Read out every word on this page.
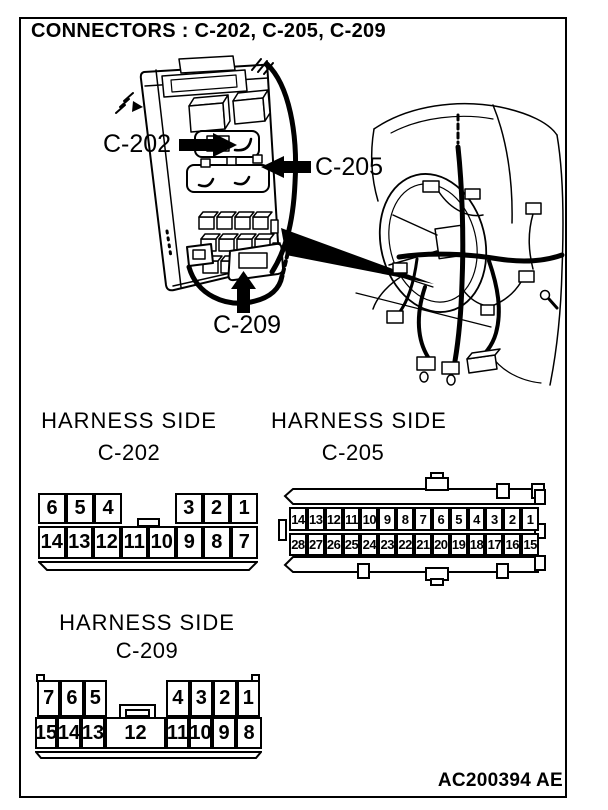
CONNECTORS : C-202, C-205, C-209
C-202
C-205
C-209
HARNESS SIDE
C-202
6 5 4	3 2 1
14 13 12 11 10 9 8 7
HARNESS SIDE
C-205
14 13 12 11 10 9 8 7 6 5 4 3 2 1
28 27 26 25 24 23 22 21 20 19 18 17 16 15
HARNESS SIDE
C-209
7 6 5	4 3 2 1
15 14 13	12	11 10 9 8
AC200394 AE
